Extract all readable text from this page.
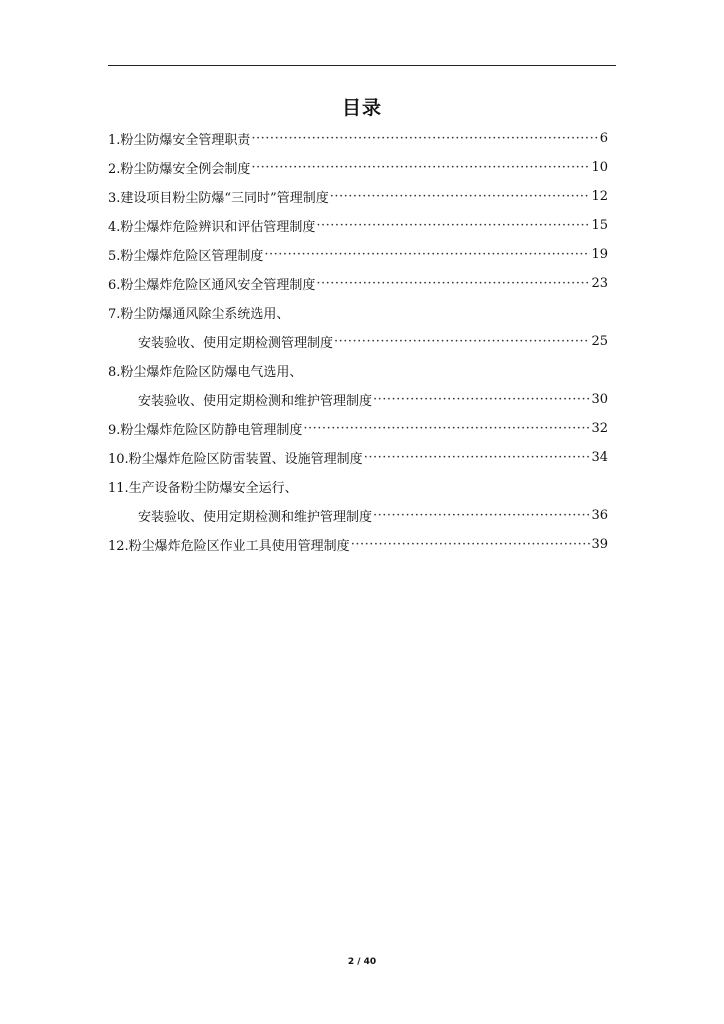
目录
1.粉尘防爆安全管理职责 ·····	6
2.粉尘防爆安全例会制度 ·····	10
3.建设项目粉尘防爆“三同时”管理制度 ·····	12
4.粉尘爆炸危险辨识和评估管理制度 ·····	15
5.粉尘爆炸危险区管理制度 ·····	19
6.粉尘爆炸危险区通风安全管理制度 ·····	23
7.粉尘防爆通风除尘系统选用、
安装验收、使用定期检测管理制度 ·····	25
8.粉尘爆炸危险区防爆电气选用、
安装验收、使用定期检测和维护管理制度 ·····	30
9.粉尘爆炸危险区防静电管理制度 ·····	32
10.粉尘爆炸危险区防雷装置、设施管理制度 ·····	34
11.生产设备粉尘防爆安全运行、
安装验收、使用定期检测和维护管理制度 ·····	36
12.粉尘爆炸危险区作业工具使用管理制度 ·····	39
2 / 40
